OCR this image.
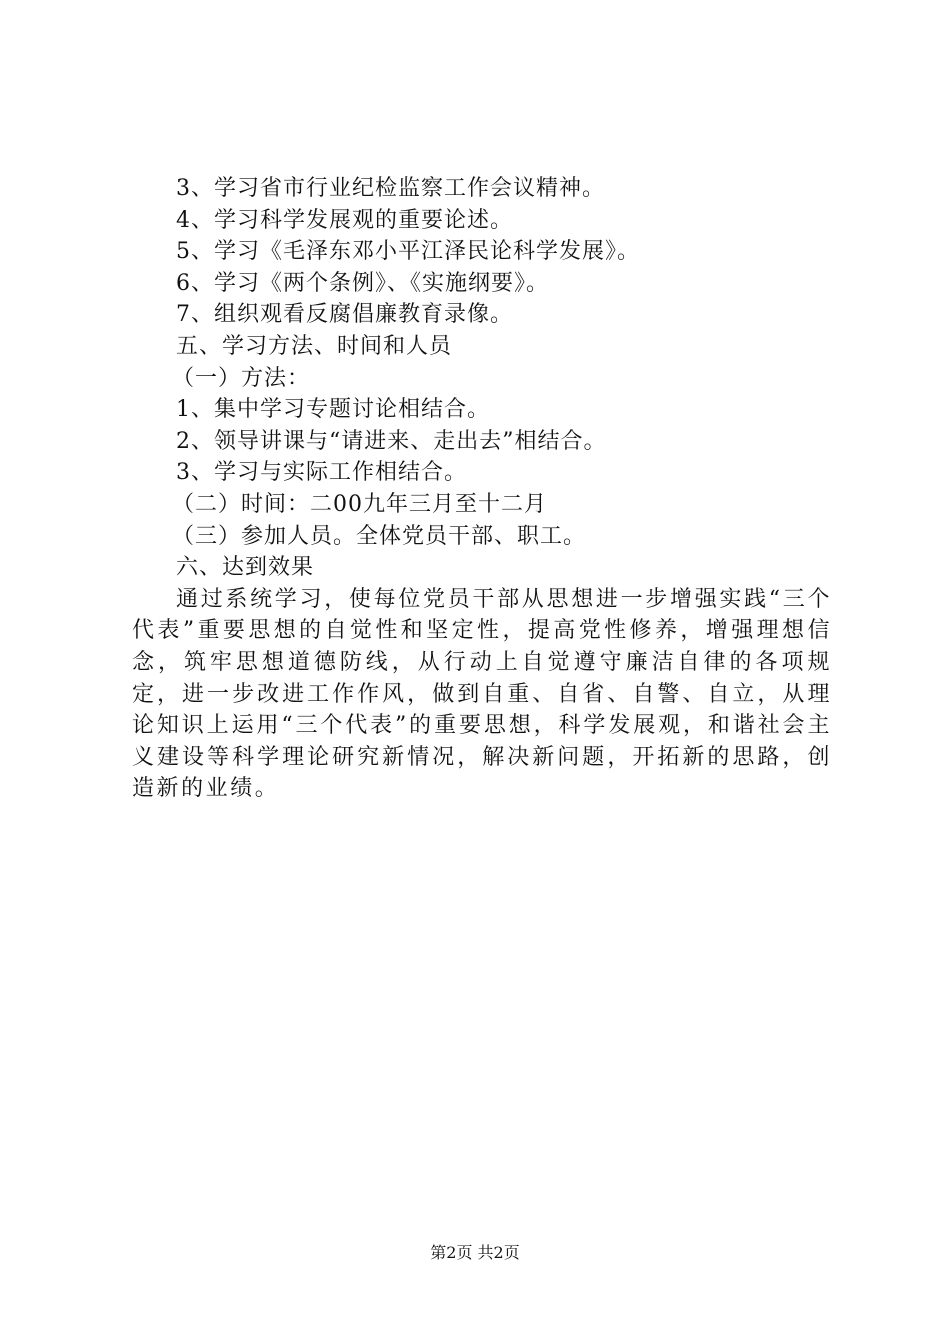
3、学习省市行业纪检监察工作会议精神。
4、学习科学发展观的重要论述。
5、学习《毛泽东邓小平江泽民论科学发展》。
6、学习《两个条例》、《实施纲要》。
7、组织观看反腐倡廉教育录像。
五、学习方法、时间和人员
（一）方法：
1、集中学习专题讨论相结合。
2、领导讲课与“请进来、走出去”相结合。
3、学习与实际工作相结合。
（二）时间：二00九年三月至十二月
（三）参加人员。全体党员干部、职工。
六、达到效果
通过系统学习，使每位党员干部从思想进一步增强实践“三个代表”重要思想的自觉性和坚定性，提高党性修养，增强理想信念，筑牢思想道德防线，从行动上自觉遵守廉洁自律的各项规定，进一步改进工作作风，做到自重、自省、自警、自立，从理论知识上运用“三个代表”的重要思想，科学发展观，和谐社会主义建设等科学理论研究新情况，解决新问题，开拓新的思路，创造新的业绩。
第2页 共2页
